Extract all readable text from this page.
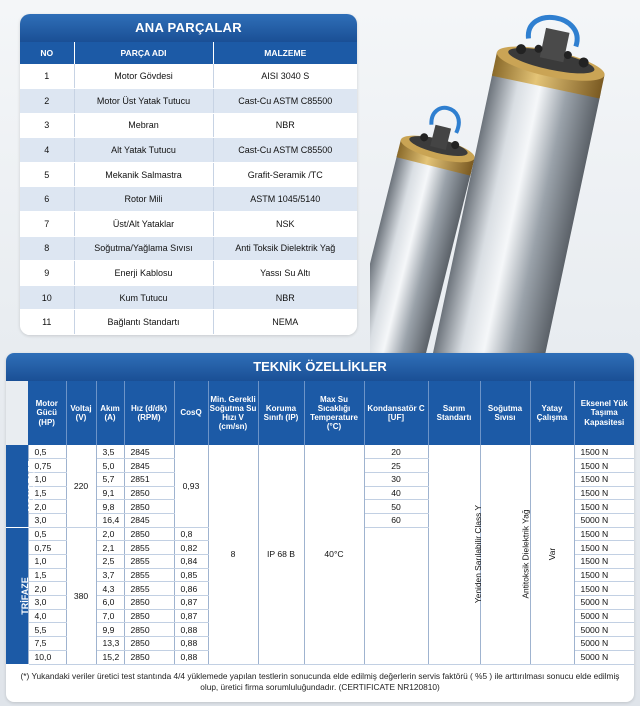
ANA PARÇALAR
NO	PARÇA ADI	MALZEME
1	Motor Gövdesi	AISI 3040 S
2	Motor Üst Yatak Tutucu	Cast-Cu ASTM C85500
3	Mebran	NBR
4	Alt Yatak Tutucu	Cast-Cu ASTM C85500
5	Mekanik Salmastra	Grafit-Seramik /TC
6	Rotor Mili	ASTM 1045/5140
7	Üst/Alt Yataklar	NSK
8	Soğutma/Yağlama Sıvısı	Anti Toksik Dielektrik Yağ
9	Enerji Kablosu	Yassı Su Altı
10	Kum Tutucu	NBR
11	Bağlantı Standartı	NEMA
TEKNİK ÖZELLİKLER
	Motor Gücü (HP)	Voltaj (V)	Akım (A)	Hız (d/dk) (RPM)	CosQ	Min. Gerekli Soğutma Su Hızı V (cm/sn)	Koruma Sınıfı (IP)	Max Su Sıcaklığı Temperature (°C)	Kondansatör C [UF]	Sarım Standartı	Soğutma Sıvısı	Yatay Çalışma	Eksenel Yük Taşıma Kapasitesi
MONOFAZE	0,5	220	3,5	2845	0,93	8	IP 68 B	40°C	20	Yeniden Sarılabilir Class Y	Antitoksik Dielektrik Yağ	Var	1500 N
	0,75		5,0	2845					25				1500 N
	1,0		5,7	2851					30				1500 N
	1,5		9,1	2850					40				1500 N
	2,0		9,8	2850					50				1500 N
	3,0		16,4	2845					60				5000 N
TRİFAZE	0,5	380	2,0	2850	0,8								1500 N
	0,75		2,1	2855	0,82								1500 N
	1,0		2,5	2855	0,84								1500 N
	1,5		3,7	2855	0,85								1500 N
	2,0		4,3	2855	0,86								1500 N
	3,0		6,0	2850	0,87								5000 N
	4,0		7,0	2850	0,87								5000 N
	5,5		9,9	2850	0,88								5000 N
	7,5		13,3	2850	0,88								5000 N
	10,0		15,2	2850	0,88								5000 N
(*) Yukandaki veriler üretici test stantında 4/4 yüklemede yapılan testlerin sonucunda elde edilmiş değerlerin servis faktörü ( %5 ) ile arttırılması sonucu elde edilmiş olup, üretici firma sorumluluğundadır. (CERTIFICATE NR120810)
